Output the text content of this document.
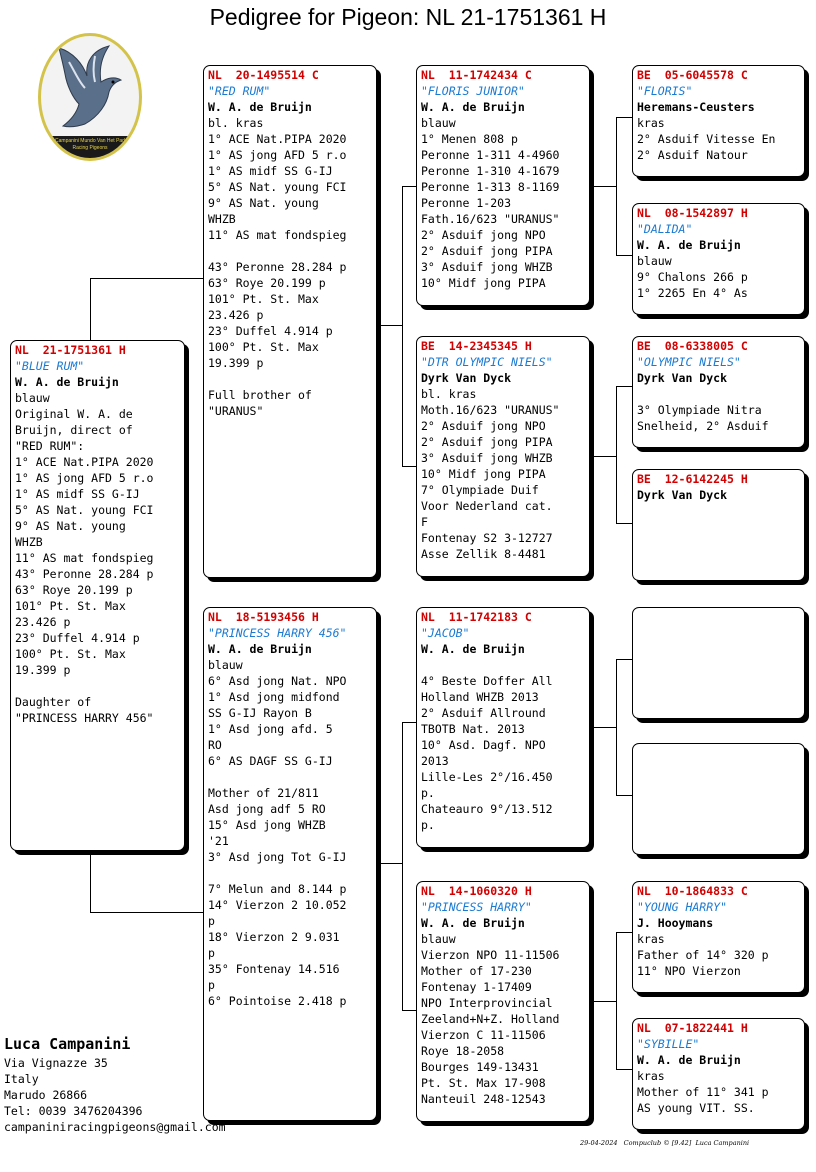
Pedigree for Pigeon: NL 21-1751361 H
Campanini Mundo Van Het Pad
Racing Pigeons
NL  21-1751361 H
"BLUE RUM"
W. A. de Bruijn
blauw
Original W. A. de
Bruijn, direct of
"RED RUM":
1° ACE Nat.PIPA 2020
1° AS jong AFD 5 r.o
1° AS midf SS G-IJ
5° AS Nat. young FCI
9° AS Nat. young
WHZB
11° AS mat fondspieg
43° Peronne 28.284 p
63° Roye 20.199 p
101° Pt. St. Max
23.426 p
23° Duffel 4.914 p
100° Pt. St. Max
19.399 p
Daughter of
"PRINCESS HARRY 456"
NL  20-1495514 C
"RED RUM"
W. A. de Bruijn
bl. kras
1° ACE Nat.PIPA 2020
1° AS jong AFD 5 r.o
1° AS midf SS G-IJ
5° AS Nat. young FCI
9° AS Nat. young
WHZB
11° AS mat fondspieg
43° Peronne 28.284 p
63° Roye 20.199 p
101° Pt. St. Max
23.426 p
23° Duffel 4.914 p
100° Pt. St. Max
19.399 p
Full brother of
"URANUS"
NL  18-5193456 H
"PRINCESS HARRY 456"
W. A. de Bruijn
blauw
6° Asd jong Nat. NPO
1° Asd jong midfond
SS G-IJ Rayon B
1° Asd jong afd. 5
RO
6° AS DAGF SS G-IJ
Mother of 21/811
Asd jong adf 5 RO
15° Asd jong WHZB
'21
3° Asd jong Tot G-IJ
7° Melun and 8.144 p
14° Vierzon 2 10.052
p
18° Vierzon 2 9.031
p
35° Fontenay 14.516
p
6° Pointoise 2.418 p
NL  11-1742434 C
"FLORIS JUNIOR"
W. A. de Bruijn
blauw
1° Menen 808 p
Peronne 1-311 4-4960
Peronne 1-310 4-1679
Peronne 1-313 8-1169
Peronne 1-203
Fath.16/623 "URANUS"
2° Asduif jong NPO
2° Asduif jong PIPA
3° Asduif jong WHZB
10° Midf jong PIPA
BE  14-2345345 H
"DTR OLYMPIC NIELS"
Dyrk Van Dyck
bl. kras
Moth.16/623 "URANUS"
2° Asduif jong NPO
2° Asduif jong PIPA
3° Asduif jong WHZB
10° Midf jong PIPA
7° Olympiade Duif
Voor Nederland cat.
F
Fontenay S2 3-12727
Asse Zellik 8-4481
NL  11-1742183 C
"JACOB"
W. A. de Bruijn
4° Beste Doffer All
Holland WHZB 2013
2° Asduif Allround
TBOTB Nat. 2013
10° Asd. Dagf. NPO
2013
Lille-Les 2°/16.450
p.
Chateauro 9°/13.512
p.
NL  14-1060320 H
"PRINCESS HARRY"
W. A. de Bruijn
blauw
Vierzon NPO 11-11506
Mother of 17-230
Fontenay 1-17409
NPO Interprovincial
Zeeland+N+Z. Holland
Vierzon C 11-11506
Roye 18-2058
Bourges 149-13431
Pt. St. Max 17-908
Nanteuil 248-12543
BE  05-6045578 C
"FLORIS"
Heremans-Ceusters
kras
2° Asduif Vitesse En
2° Asduif Natour
NL  08-1542897 H
"DALIDA"
W. A. de Bruijn
blauw
9° Chalons 266 p
1° 2265 En 4° As
BE  08-6338005 C
"OLYMPIC NIELS"
Dyrk Van Dyck
3° Olympiade Nitra
Snelheid, 2° Asduif
BE  12-6142245 H
Dyrk Van Dyck
NL  10-1864833 C
"YOUNG HARRY"
J. Hooymans
kras
Father of 14° 320 p
11° NPO Vierzon
NL  07-1822441 H
"SYBILLE"
W. A. de Bruijn
kras
Mother of 11° 341 p
AS young VIT. SS.
Luca Campanini
Via Vignazze 35
Italy
Marudo 26866
Tel: 0039 3476204396
campaniniracingpigeons@gmail.com
29-04-2024   Compuclub © [9.42]  Luca Campanini
